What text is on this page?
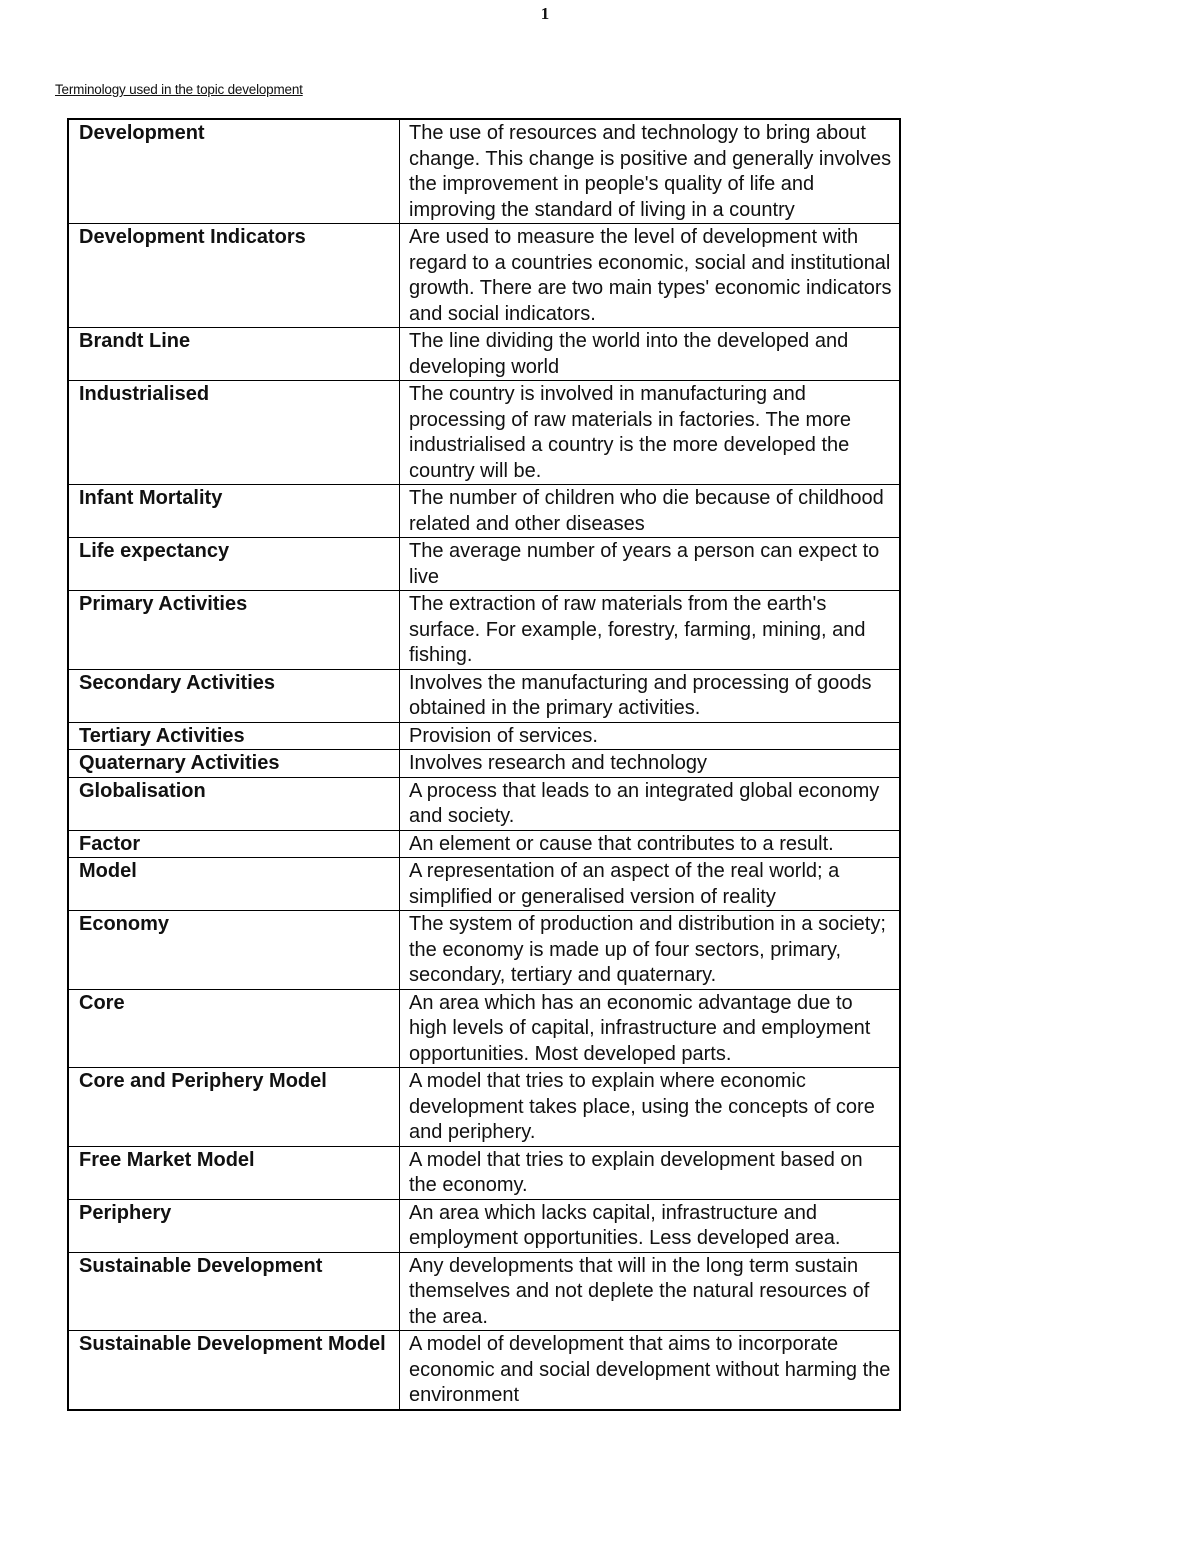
1
Terminology used in the topic development
Development	The use of resources and technology to bring about change. This change is positive and generally involves the improvement in people's quality of life and improving the standard of living in a country
Development Indicators	Are used to measure the level of development with regard to a countries economic, social and institutional growth. There are two main types' economic indicators and social indicators.
Brandt Line	The line dividing the world into the developed and developing world
Industrialised	The country is involved in manufacturing and processing of raw materials in factories. The more industrialised a country is the more developed the country will be.
Infant Mortality	The number of children who die because of childhood related and other diseases
Life expectancy	The average number of years a person can expect to live
Primary Activities	The extraction of raw materials from the earth's surface. For example, forestry, farming, mining, and fishing.
Secondary Activities	Involves the manufacturing and processing of goods obtained in the primary activities.
Tertiary Activities	Provision of services.
Quaternary Activities	Involves research and technology
Globalisation	A process that leads to an integrated global economy and society.
Factor	An element or cause that contributes to a result.
Model	A representation of an aspect of the real world; a simplified or generalised version of reality
Economy	The system of production and distribution in a society; the economy is made up of four sectors, primary, secondary, tertiary and quaternary.
Core	An area which has an economic advantage due to high levels of capital, infrastructure and employment opportunities. Most developed parts.
Core and Periphery Model	A model that tries to explain where economic development takes place, using the concepts of core and periphery.
Free Market Model	A model that tries to explain development based on the economy.
Periphery	An area which lacks capital, infrastructure and employment opportunities. Less developed area.
Sustainable Development	Any developments that will in the long term sustain themselves and not deplete the natural resources of the area.
Sustainable Development Model	A model of development that aims to incorporate economic and social development without harming the environment
